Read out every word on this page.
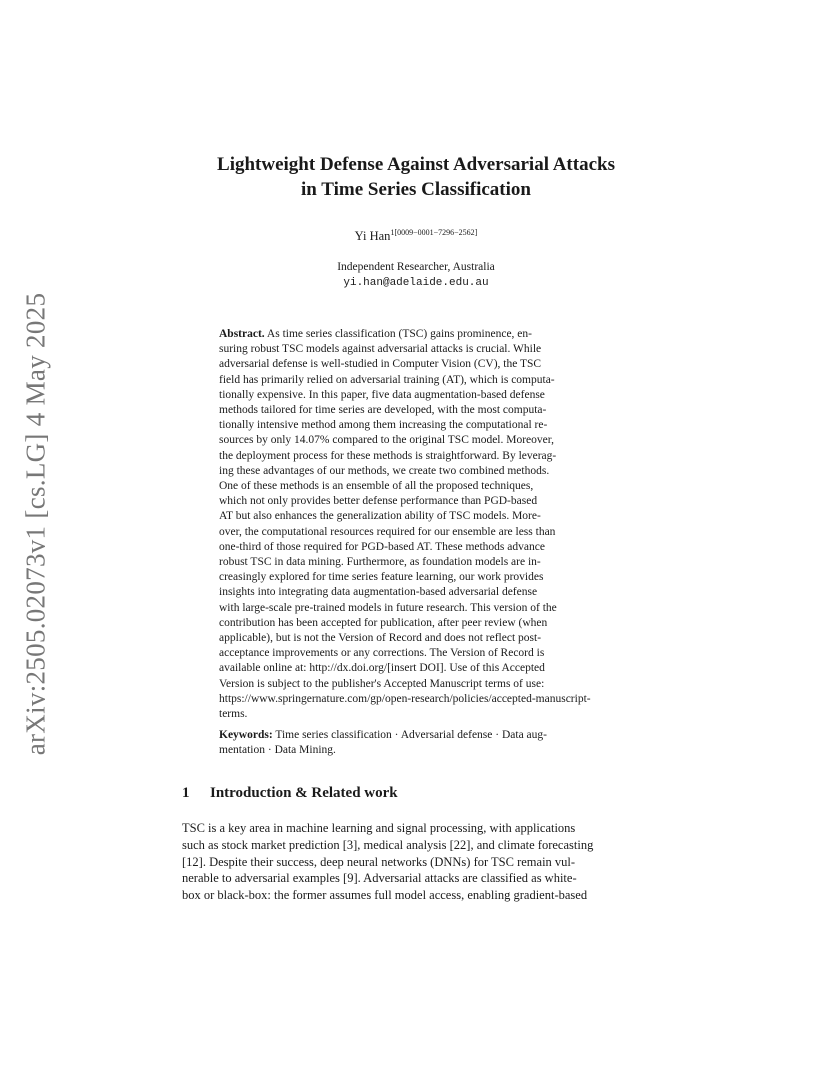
arXiv:2505.02073v1 [cs.LG] 4 May 2025
Lightweight Defense Against Adversarial Attacks
in Time Series Classification
Yi Han$^{1[0009-0001-7296-2562]}$
Independent Researcher, Australia
yi.han@adelaide.edu.au
Abstract. As time series classification (TSC) gains prominence, en-
suring robust TSC models against adversarial attacks is crucial. While
adversarial defense is well-studied in Computer Vision (CV), the TSC
field has primarily relied on adversarial training (AT), which is computa-
tionally expensive. In this paper, five data augmentation-based defense
methods tailored for time series are developed, with the most computa-
tionally intensive method among them increasing the computational re-
sources by only 14.07% compared to the original TSC model. Moreover,
the deployment process for these methods is straightforward. By leverag-
ing these advantages of our methods, we create two combined methods.
One of these methods is an ensemble of all the proposed techniques,
which not only provides better defense performance than PGD-based
AT but also enhances the generalization ability of TSC models. More-
over, the computational resources required for our ensemble are less than
one-third of those required for PGD-based AT. These methods advance
robust TSC in data mining. Furthermore, as foundation models are in-
creasingly explored for time series feature learning, our work provides
insights into integrating data augmentation-based adversarial defense
with large-scale pre-trained models in future research. This version of the
contribution has been accepted for publication, after peer review (when
applicable), but is not the Version of Record and does not reflect post-
acceptance improvements or any corrections. The Version of Record is
available online at: http://dx.doi.org/[insert DOI]. Use of this Accepted
Version is subject to the publisher's Accepted Manuscript terms of use:
https://www.springernature.com/gp/open-research/policies/accepted-manuscript-
terms.
Keywords: Time series classification · Adversarial defense · Data aug-
mentation · Data Mining.
1 Introduction & Related work
TSC is a key area in machine learning and signal processing, with applications
such as stock market prediction [3], medical analysis [22], and climate forecasting
[12]. Despite their success, deep neural networks (DNNs) for TSC remain vul-
nerable to adversarial examples [9]. Adversarial attacks are classified as white-
box or black-box: the former assumes full model access, enabling gradient-based
